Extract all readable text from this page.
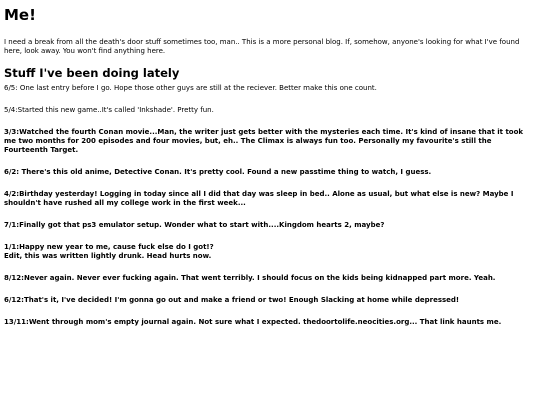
Me!

I need a break from all the death's door stuff sometimes too, man.. This is a more personal blog. If, somehow, anyone's looking for what I've found here, look away. You won't find anything here.

Stuff I've been doing lately

6/5: One last entry before I go. Hope those other guys are still at the reciever. Better make this one count.

5/4:Started this new game..It's called 'Inkshade'. Pretty fun.

3/3:Watched the fourth Conan movie...Man, the writer just gets better with the mysteries each time. It's kind of insane that it took me two months for 200 episodes and four movies, but, eh.. The Climax is always fun too. Personally my favourite's still the Fourteenth Target.

6/2: There's this old anime, Detective Conan. It's pretty cool. Found a new passtime thing to watch, I guess.

4/2:Birthday yesterday! Logging in today since all I did that day was sleep in bed.. Alone as usual, but what else is new? Maybe I shouldn't have rushed all my college work in the first week...

7/1:Finally got that ps3 emulator setup. Wonder what to start with....Kingdom hearts 2, maybe?

1/1:Happy new year to me, cause fuck else do I got!?
Edit, this was written lightly drunk. Head hurts now.

8/12:Never again. Never ever fucking again. That went terribly. I should focus on the kids being kidnapped part more. Yeah.

6/12:That's it, I've decided! I'm gonna go out and make a friend or two! Enough Slacking at home while depressed!

13/11:Went through mom's empty journal again. Not sure what I expected. thedoortolife.neocities.org... That link haunts me.
